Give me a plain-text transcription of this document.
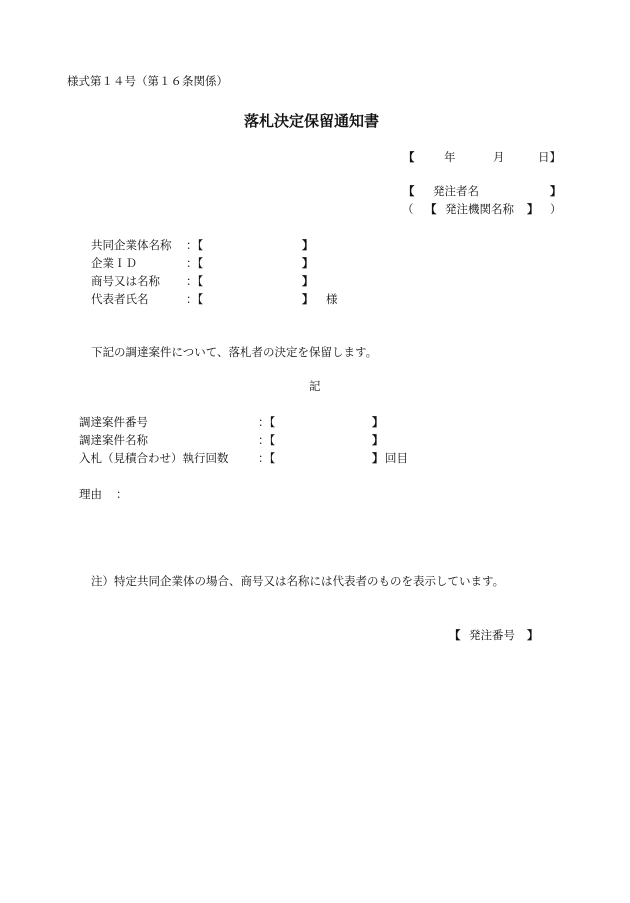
様式第１４号（第１６条関係）
落札決定保留通知書
【	年	月	日】
【 発注者名	】
（ 【 発注機関名称 】 ）
共同企業体名称 ：【	】
企業ＩＤ	：【	】
商号又は名称 ：【	】
代表者氏名	：【	】 様
下記の調達案件について、落札者の決定を保留します。
記
調達案件番号	：【	】
調達案件名称	：【	】
入札（見積合わせ）執行回数	：【	】 回目
理由 ：
注）特定共同企業体の場合、商号又は名称には代表者のものを表示しています。
【 発注番号 】
